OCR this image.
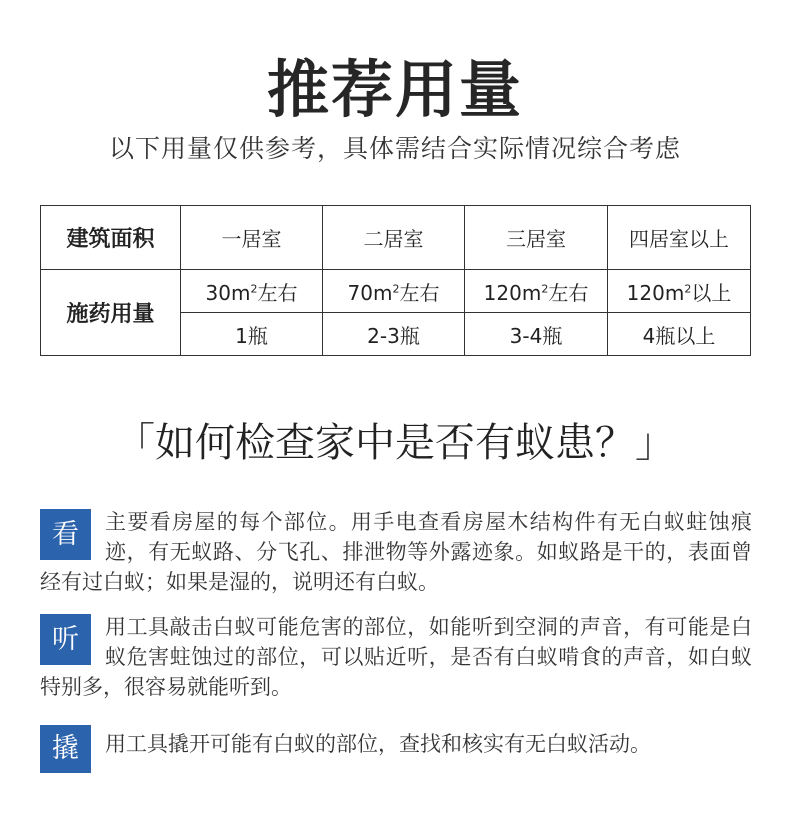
推荐用量

以下用量仅供参考，具体需结合实际情况综合考虑

建筑面积	一居室	二居室	三居室	四居室以上
施药用量	$30m^2$左右	$70m^2$左右	$120m^2$左右	$120m^2$以上
	1瓶	2-3瓶	3-4瓶	4瓶以上
「如何检查家中是否有蚁患？」
看	主要看房屋的每个部位。用手电查看房屋木结构件有无白蚁蛀蚀痕迹，有无蚁路、分飞孔、排泄物等外露迹象。如蚁路是干的，表面曾经有过白蚁；如果是湿的，说明还有白蚁。
听	用工具敲击白蚁可能危害的部位，如能听到空洞的声音，有可能是白蚁危害蛀蚀过的部位，可以贴近听，是否有白蚁啃食的声音，如白蚁特别多，很容易就能听到。
撬	用工具撬开可能有白蚁的部位，查找和核实有无白蚁活动。
